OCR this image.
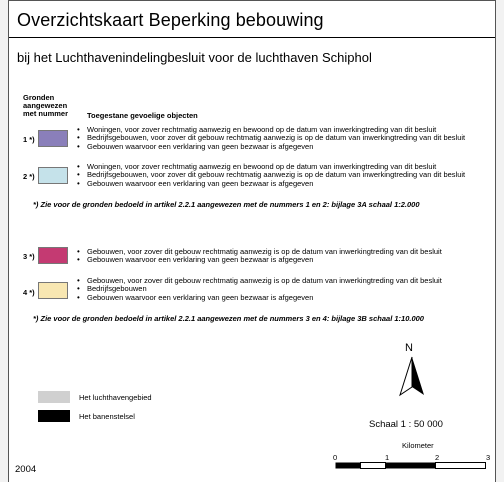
Overzichtskaart Beperking bebouwing
bij het Luchthavenindelingbesluit voor de luchthaven Schiphol
Gronden
aangewezen
met nummer	Toegestane gevoelige objecten
1 *)
• Woningen, voor zover rechtmatig aanwezig en bewoond op de datum van inwerkingtreding van dit besluit
• Bedrijfsgebouwen, voor zover dit gebouw rechtmatig aanwezig is op de datum van inwerkingtreding van dit besluit
• Gebouwen waarvoor een verklaring van geen bezwaar is afgegeven
2 *)
• Woningen, voor zover rechtmatig aanwezig en bewoond op de datum van inwerkingtreding van dit besluit
• Bedrijfsgebouwen, voor zover dit gebouw rechtmatig aanwezig is op de datum van inwerkingtreding van dit besluit
• Gebouwen waarvoor een verklaring van geen bezwaar is afgegeven
*) Zie voor de gronden bedoeld in artikel 2.2.1 aangewezen met de nummers 1 en 2: bijlage 3A schaal 1:2.000
3 *)
• Gebouwen, voor zover dit gebouw rechtmatig aanwezig is op de datum van inwerkingtreding van dit besluit
• Gebouwen waarvoor een verklaring van geen bezwaar is afgegeven
4 *)
• Gebouwen, voor zover dit gebouw rechtmatig aanwezig is op de datum van inwerkingtreding van dit besluit
• Bedrijfsgebouwen
• Gebouwen waarvoor een verklaring van geen bezwaar is afgegeven
*) Zie voor de gronden bedoeld in artikel 2.2.1 aangewezen met de nummers 3 en 4: bijlage 3B schaal 1:10.000
Het luchthavengebied
Het banenstelsel
N
Schaal 1 : 50 000
Kilometer
0	1	2	3
2004
